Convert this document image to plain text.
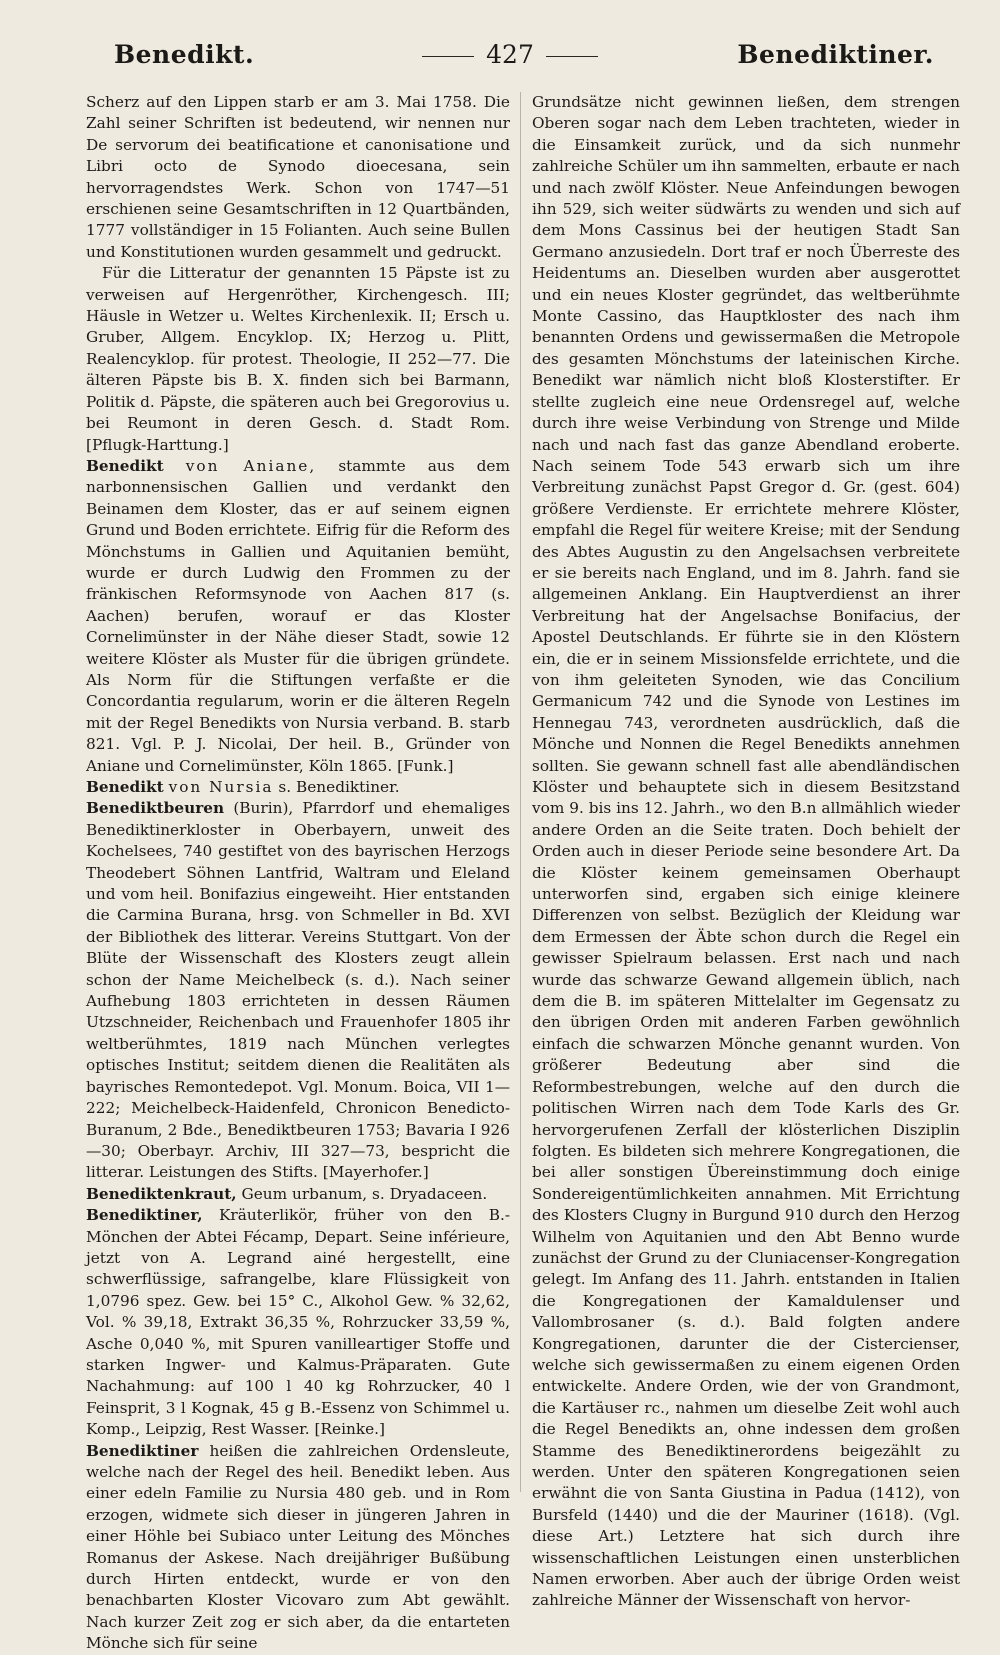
Benedikt.	427	Benediktiner.

Scherz auf den Lippen starb er am 3. Mai 1758. Die Zahl seiner Schriften ist bedeutend, wir nennen nur De servorum dei beatificatione et canonisatione und Libri octo de Synodo dioecesana, sein hervorragendstes Werk. Schon von 1747—51 erschienen seine Gesamtschriften in 12 Quartbänden, 1777 vollständiger in 15 Folianten. Auch seine Bullen und Konstitutionen wurden gesammelt und gedruckt.

Für die Litteratur der genannten 15 Päpste ist zu verweisen auf Hergenröther, Kirchengesch. III; Häusle in Wetzer u. Weltes Kirchenlexik. II; Ersch u. Gruber, Allgem. Encyklop. IX; Herzog u. Plitt, Realencyklop. für protest. Theologie, II 252—77. Die älteren Päpste bis B. X. finden sich bei Barmann, Politik d. Päpste, die späteren auch bei Gregorovius u. bei Reumont in deren Gesch. d. Stadt Rom. [Pflugk-Harttung.]

Benedikt von Aniane, stammte aus dem narbonnensischen Gallien und verdankt den Beinamen dem Kloster, das er auf seinem eignen Grund und Boden errichtete. Eifrig für die Reform des Mönchstums in Gallien und Aquitanien bemüht, wurde er durch Ludwig den Frommen zu der fränkischen Reformsynode von Aachen 817 (s. Aachen) berufen, worauf er das Kloster Cornelimünster in der Nähe dieser Stadt, sowie 12 weitere Klöster als Muster für die übrigen gründete. Als Norm für die Stiftungen verfaßte er die Concordantia regularum, worin er die älteren Regeln mit der Regel Benedikts von Nursia verband. B. starb 821. Vgl. P. J. Nicolai, Der heil. B., Gründer von Aniane und Cornelimünster, Köln 1865. [Funk.]

Benedikt von Nursia s. Benediktiner.

Benediktbeuren (Burin), Pfarrdorf und ehemaliges Benediktinerkloster in Oberbayern, unweit des Kochelsees, 740 gestiftet von des bayrischen Herzogs Theodebert Söhnen Lantfrid, Waltram und Eleland und vom heil. Bonifazius eingeweiht. Hier entstanden die Carmina Burana, hrsg. von Schmeller in Bd. XVI der Bibliothek des litterar. Vereins Stuttgart. Von der Blüte der Wissenschaft des Klosters zeugt allein schon der Name Meichelbeck (s. d.). Nach seiner Aufhebung 1803 errichteten in dessen Räumen Utzschneider, Reichenbach und Frauenhofer 1805 ihr weltberühmtes, 1819 nach München verlegtes optisches Institut; seitdem dienen die Realitäten als bayrisches Remontedepot. Vgl. Monum. Boica, VII 1—222; Meichelbeck-Haidenfeld, Chronicon Benedicto-Buranum, 2 Bde., Benediktbeuren 1753; Bavaria I 926—30; Oberbayr. Archiv, III 327—73, bespricht die litterar. Leistungen des Stifts. [Mayerhofer.]

Benediktenkraut, Geum urbanum, s. Dryadaceen.

Benediktiner, Kräuterlikör, früher von den B.-Mönchen der Abtei Fécamp, Depart. Seine inférieure, jetzt von A. Legrand ainé hergestellt, eine schwerflüssige, safrangelbe, klare Flüssigkeit von 1,0796 spez. Gew. bei 15° C., Alkohol Gew. % 32,62, Vol. % 39,18, Extrakt 36,35 %, Rohrzucker 33,59 %, Asche 0,040 %, mit Spuren vanilleartiger Stoffe und starken Ingwer- und Kalmus-Präparaten. Gute Nachahmung: auf 100 l 40 kg Rohrzucker, 40 l Feinsprit, 3 l Kognak, 45 g B.-Essenz von Schimmel u. Komp., Leipzig, Rest Wasser. [Reinke.]

Benediktiner heißen die zahlreichen Ordensleute, welche nach der Regel des heil. Benedikt leben. Aus einer edeln Familie zu Nursia 480 geb. und in Rom erzogen, widmete sich dieser in jüngeren Jahren in einer Höhle bei Subiaco unter Leitung des Mönches Romanus der Askese. Nach dreijähriger Bußübung durch Hirten entdeckt, wurde er von den benachbarten Kloster Vicovaro zum Abt gewählt. Nach kurzer Zeit zog er sich aber, da die entarteten Mönche sich für seine

Grundsätze nicht gewinnen ließen, dem strengen Oberen sogar nach dem Leben trachteten, wieder in die Einsamkeit zurück, und da sich nunmehr zahlreiche Schüler um ihn sammelten, erbaute er nach und nach zwölf Klöster. Neue Anfeindungen bewogen ihn 529, sich weiter südwärts zu wenden und sich auf dem Mons Cassinus bei der heutigen Stadt San Germano anzusiedeln. Dort traf er noch Überreste des Heidentums an. Dieselben wurden aber ausgerottet und ein neues Kloster gegründet, das weltberühmte Monte Cassino, das Hauptkloster des nach ihm benannten Ordens und gewissermaßen die Metropole des gesamten Mönchstums der lateinischen Kirche. Benedikt war nämlich nicht bloß Klosterstifter. Er stellte zugleich eine neue Ordensregel auf, welche durch ihre weise Verbindung von Strenge und Milde nach und nach fast das ganze Abendland eroberte. Nach seinem Tode 543 erwarb sich um ihre Verbreitung zunächst Papst Gregor d. Gr. (gest. 604) größere Verdienste. Er errichtete mehrere Klöster, empfahl die Regel für weitere Kreise; mit der Sendung des Abtes Augustin zu den Angelsachsen verbreitete er sie bereits nach England, und im 8. Jahrh. fand sie allgemeinen Anklang. Ein Hauptverdienst an ihrer Verbreitung hat der Angelsachse Bonifacius, der Apostel Deutschlands. Er führte sie in den Klöstern ein, die er in seinem Missionsfelde errichtete, und die von ihm geleiteten Synoden, wie das Concilium Germanicum 742 und die Synode von Lestines im Hennegau 743, verordneten ausdrücklich, daß die Mönche und Nonnen die Regel Benedikts annehmen sollten. Sie gewann schnell fast alle abendländischen Klöster und behauptete sich in diesem Besitzstand vom 9. bis ins 12. Jahrh., wo den B.n allmählich wieder andere Orden an die Seite traten. Doch behielt der Orden auch in dieser Periode seine besondere Art. Da die Klöster keinem gemeinsamen Oberhaupt unterworfen sind, ergaben sich einige kleinere Differenzen von selbst. Bezüglich der Kleidung war dem Ermessen der Äbte schon durch die Regel ein gewisser Spielraum belassen. Erst nach und nach wurde das schwarze Gewand allgemein üblich, nach dem die B. im späteren Mittelalter im Gegensatz zu den übrigen Orden mit anderen Farben gewöhnlich einfach die schwarzen Mönche genannt wurden. Von größerer Bedeutung aber sind die Reformbestrebungen, welche auf den durch die politischen Wirren nach dem Tode Karls des Gr. hervorgerufenen Zerfall der klösterlichen Disziplin folgten. Es bildeten sich mehrere Kongregationen, die bei aller sonstigen Übereinstimmung doch einige Sondereigentümlichkeiten annahmen. Mit Errichtung des Klosters Clugny in Burgund 910 durch den Herzog Wilhelm von Aquitanien und den Abt Benno wurde zunächst der Grund zu der Cluniacenser-Kongregation gelegt. Im Anfang des 11. Jahrh. entstanden in Italien die Kongregationen der Kamaldulenser und Vallombrosaner (s. d.). Bald folgten andere Kongregationen, darunter die der Cistercienser, welche sich gewissermaßen zu einem eigenen Orden entwickelte. Andere Orden, wie der von Grandmont, die Kartäuser rc., nahmen um dieselbe Zeit wohl auch die Regel Benedikts an, ohne indessen dem großen Stamme des Benediktinerordens beigezählt zu werden. Unter den späteren Kongregationen seien erwähnt die von Santa Giustina in Padua (1412), von Bursfeld (1440) und die der Mauriner (1618). (Vgl. diese Art.) Letztere hat sich durch ihre wissenschaftlichen Leistungen einen unsterblichen Namen erworben. Aber auch der übrige Orden weist zahlreiche Männer der Wissenschaft von hervor-
